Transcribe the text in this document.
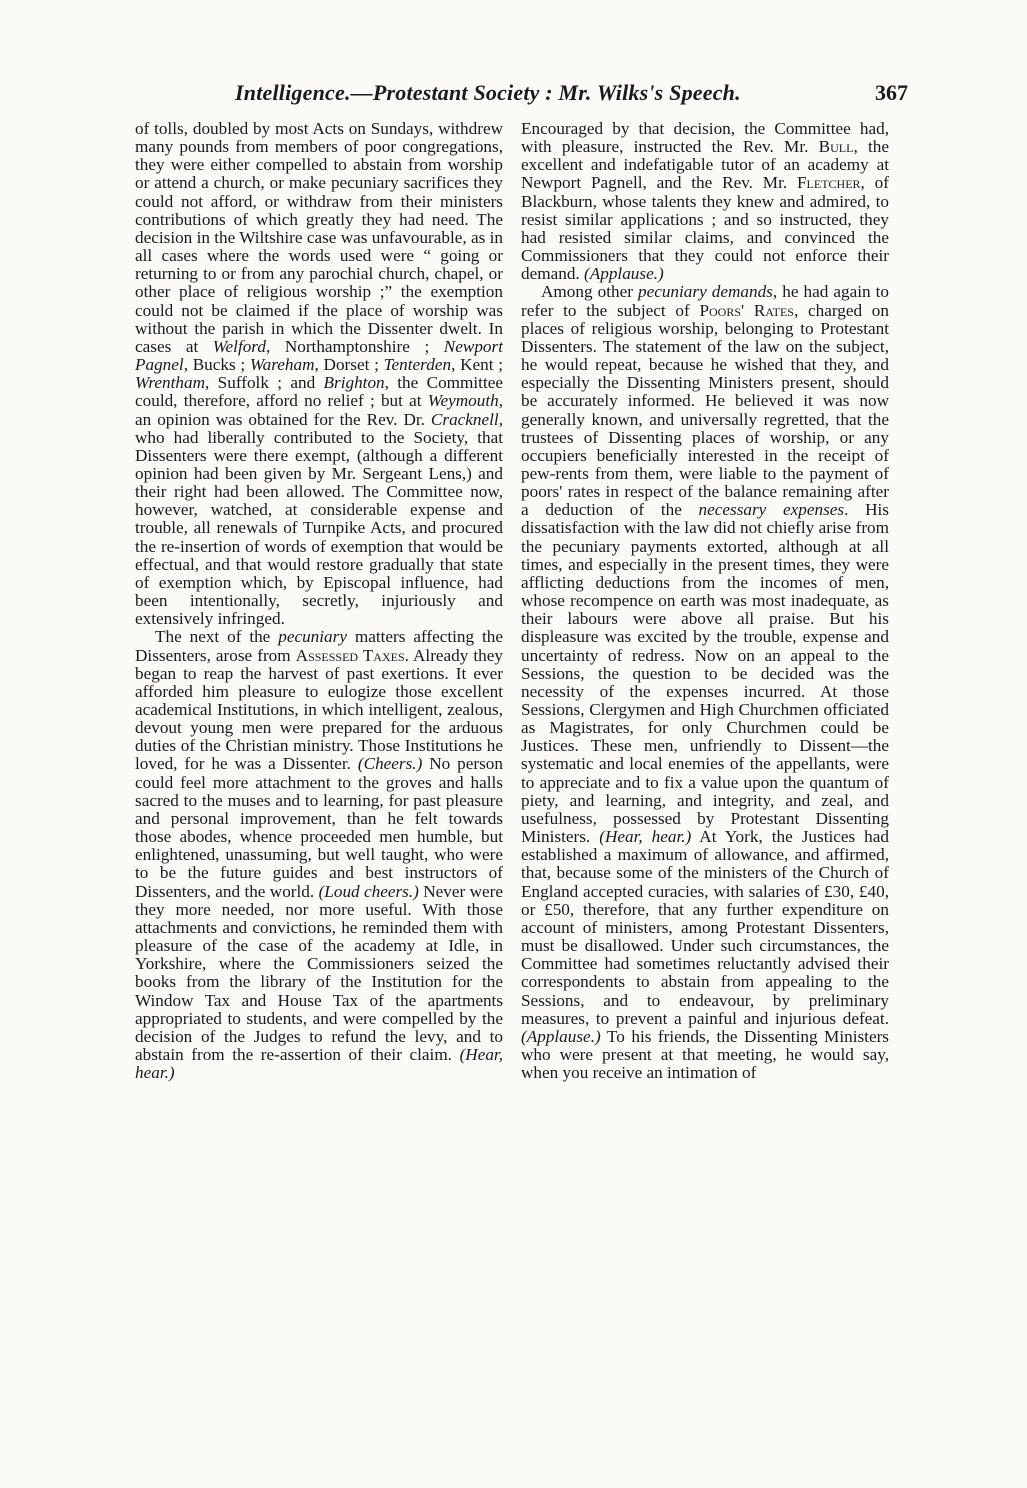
Intelligence.—Protestant Society : Mr. Wilks's Speech.	367

of tolls, doubled by most Acts on Sundays, withdrew many pounds from members of poor congregations, they were either compelled to abstain from worship or attend a church, or make pecuniary sacrifices they could not afford, or withdraw from their ministers contributions of which greatly they had need. The decision in the Wiltshire case was unfavourable, as in all cases where the words used were “ going or returning to or from any parochial church, chapel, or other place of religious worship ;” the exemption could not be claimed if the place of worship was without the parish in which the Dissenter dwelt. In cases at Welford, Northamptonshire ; Newport Pagnel, Bucks ; Wareham, Dorset ; Tenterden, Kent ; Wrentham, Suffolk ; and Brighton, the Committee could, therefore, afford no relief ; but at Weymouth, an opinion was obtained for the Rev. Dr. Cracknell, who had liberally contributed to the Society, that Dissenters were there exempt, (although a different opinion had been given by Mr. Sergeant Lens,) and their right had been allowed. The Committee now, however, watched, at considerable expense and trouble, all renewals of Turnpike Acts, and procured the re-insertion of words of exemption that would be effectual, and that would restore gradually that state of exemption which, by Episcopal influence, had been intentionally, secretly, injuriously and extensively infringed.

The next of the pecuniary matters affecting the Dissenters, arose from Assessed Taxes. Already they began to reap the harvest of past exertions. It ever afforded him pleasure to eulogize those excellent academical Institutions, in which intelligent, zealous, devout young men were prepared for the arduous duties of the Christian ministry. Those Institutions he loved, for he was a Dissenter. (Cheers.) No person could feel more attachment to the groves and halls sacred to the muses and to learning, for past pleasure and personal improvement, than he felt towards those abodes, whence proceeded men humble, but enlightened, unassuming, but well taught, who were to be the future guides and best instructors of Dissenters, and the world. (Loud cheers.) Never were they more needed, nor more useful. With those attachments and convictions, he reminded them with pleasure of the case of the academy at Idle, in Yorkshire, where the Commissioners seized the books from the library of the Institution for the Window Tax and House Tax of the apartments appropriated to students, and were compelled by the decision of the Judges to refund the levy, and to abstain from the re-assertion of their claim. (Hear, hear.)

Encouraged by that decision, the Committee had, with pleasure, instructed the Rev. Mr. Bull, the excellent and indefatigable tutor of an academy at Newport Pagnell, and the Rev. Mr. Fletcher, of Blackburn, whose talents they knew and admired, to resist similar applications ; and so instructed, they had resisted similar claims, and convinced the Commissioners that they could not enforce their demand. (Applause.)

Among other pecuniary demands, he had again to refer to the subject of Poors' Rates, charged on places of religious worship, belonging to Protestant Dissenters. The statement of the law on the subject, he would repeat, because he wished that they, and especially the Dissenting Ministers present, should be accurately informed. He believed it was now generally known, and universally regretted, that the trustees of Dissenting places of worship, or any occupiers beneficially interested in the receipt of pew-rents from them, were liable to the payment of poors' rates in respect of the balance remaining after a deduction of the necessary expenses. His dissatisfaction with the law did not chiefly arise from the pecuniary payments extorted, although at all times, and especially in the present times, they were afflicting deductions from the incomes of men, whose recompence on earth was most inadequate, as their labours were above all praise. But his displeasure was excited by the trouble, expense and uncertainty of redress. Now on an appeal to the Sessions, the question to be decided was the necessity of the expenses incurred. At those Sessions, Clergymen and High Churchmen officiated as Magistrates, for only Churchmen could be Justices. These men, unfriendly to Dissent—the systematic and local enemies of the appellants, were to appreciate and to fix a value upon the quantum of piety, and learning, and integrity, and zeal, and usefulness, possessed by Protestant Dissenting Ministers. (Hear, hear.) At York, the Justices had established a maximum of allowance, and affirmed, that, because some of the ministers of the Church of England accepted curacies, with salaries of £30, £40, or £50, therefore, that any further expenditure on account of ministers, among Protestant Dissenters, must be disallowed. Under such circumstances, the Committee had sometimes reluctantly advised their correspondents to abstain from appealing to the Sessions, and to endeavour, by preliminary measures, to prevent a painful and injurious defeat. (Applause.) To his friends, the Dissenting Ministers who were present at that meeting, he would say, when you receive an intimation of
